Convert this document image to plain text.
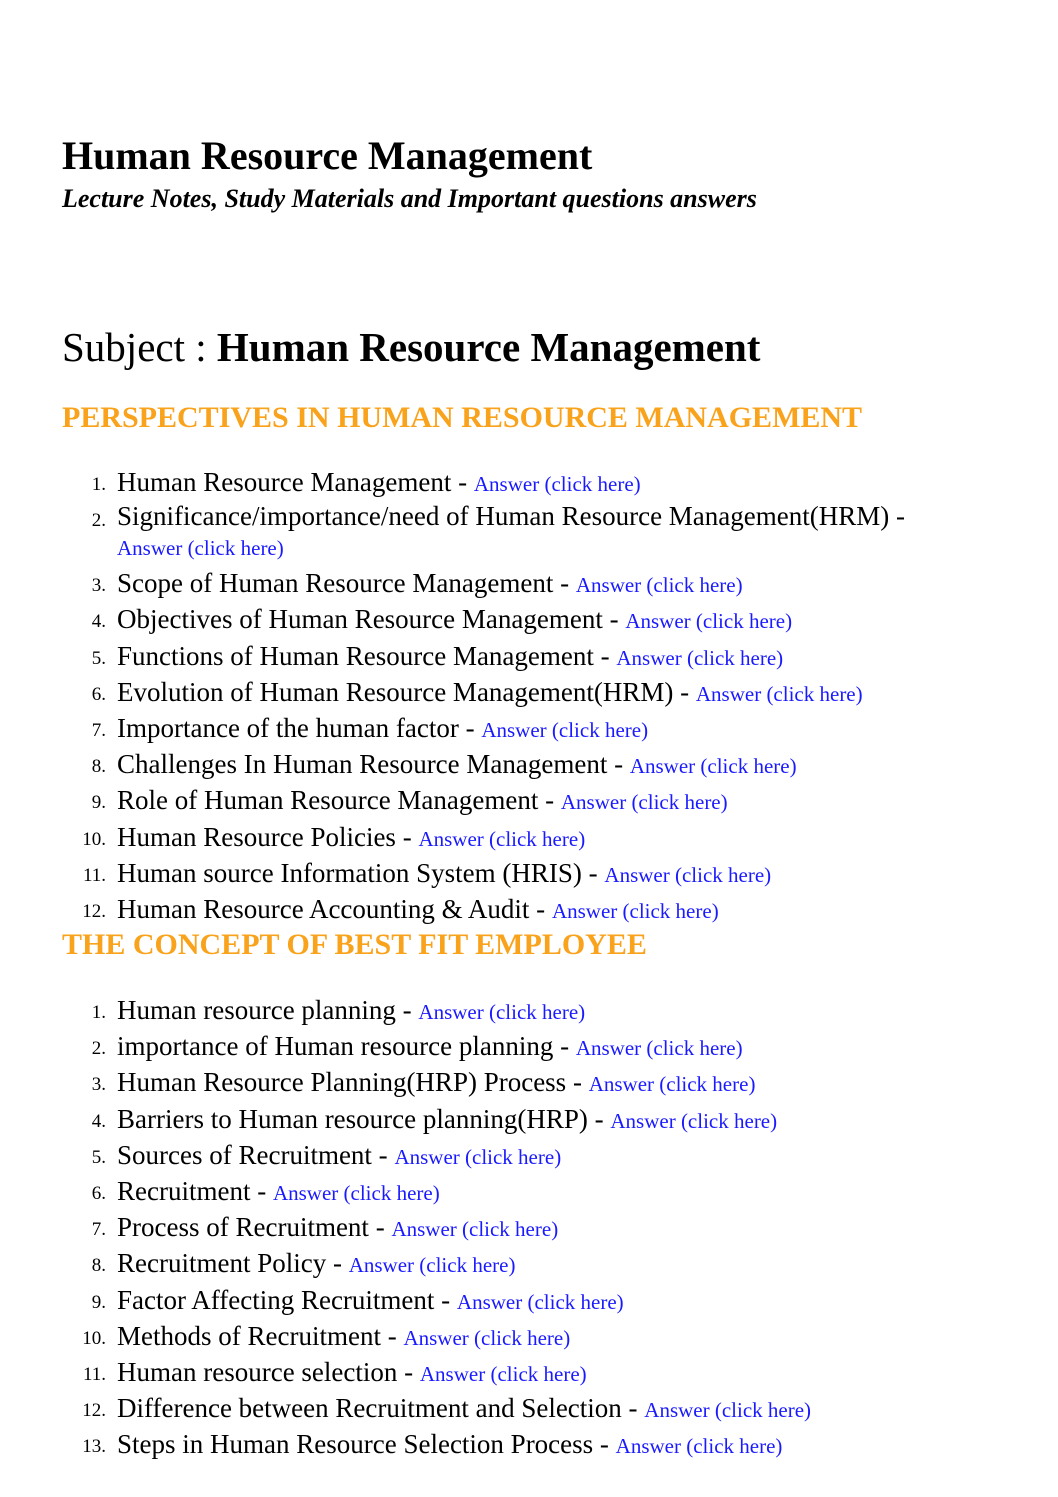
Human Resource Management

Lecture Notes, Study Materials and Important questions answers

Subject : Human Resource Management
PERSPECTIVES IN HUMAN RESOURCE MANAGEMENT
1. Human Resource Management - Answer (click here)
2. Significance/importance/need of Human Resource Management(HRM) -
Answer (click here)
3. Scope of Human Resource Management - Answer (click here)
4. Objectives of Human Resource Management - Answer (click here)
5. Functions of Human Resource Management - Answer (click here)
6. Evolution of Human Resource Management(HRM) - Answer (click here)
7. Importance of the human factor - Answer (click here)
8. Challenges In Human Resource Management - Answer (click here)
9. Role of Human Resource Management - Answer (click here)
10. Human Resource Policies - Answer (click here)
11. Human source Information System (HRIS) - Answer (click here)
12. Human Resource Accounting & Audit - Answer (click here)
THE CONCEPT OF BEST FIT EMPLOYEE
1. Human resource planning - Answer (click here)
2. importance of Human resource planning - Answer (click here)
3. Human Resource Planning(HRP) Process - Answer (click here)
4. Barriers to Human resource planning(HRP) - Answer (click here)
5. Sources of Recruitment - Answer (click here)
6. Recruitment - Answer (click here)
7. Process of Recruitment - Answer (click here)
8. Recruitment Policy - Answer (click here)
9. Factor Affecting Recruitment - Answer (click here)
10. Methods of Recruitment - Answer (click here)
11. Human resource selection - Answer (click here)
12. Difference between Recruitment and Selection - Answer (click here)
13. Steps in Human Resource Selection Process - Answer (click here)
